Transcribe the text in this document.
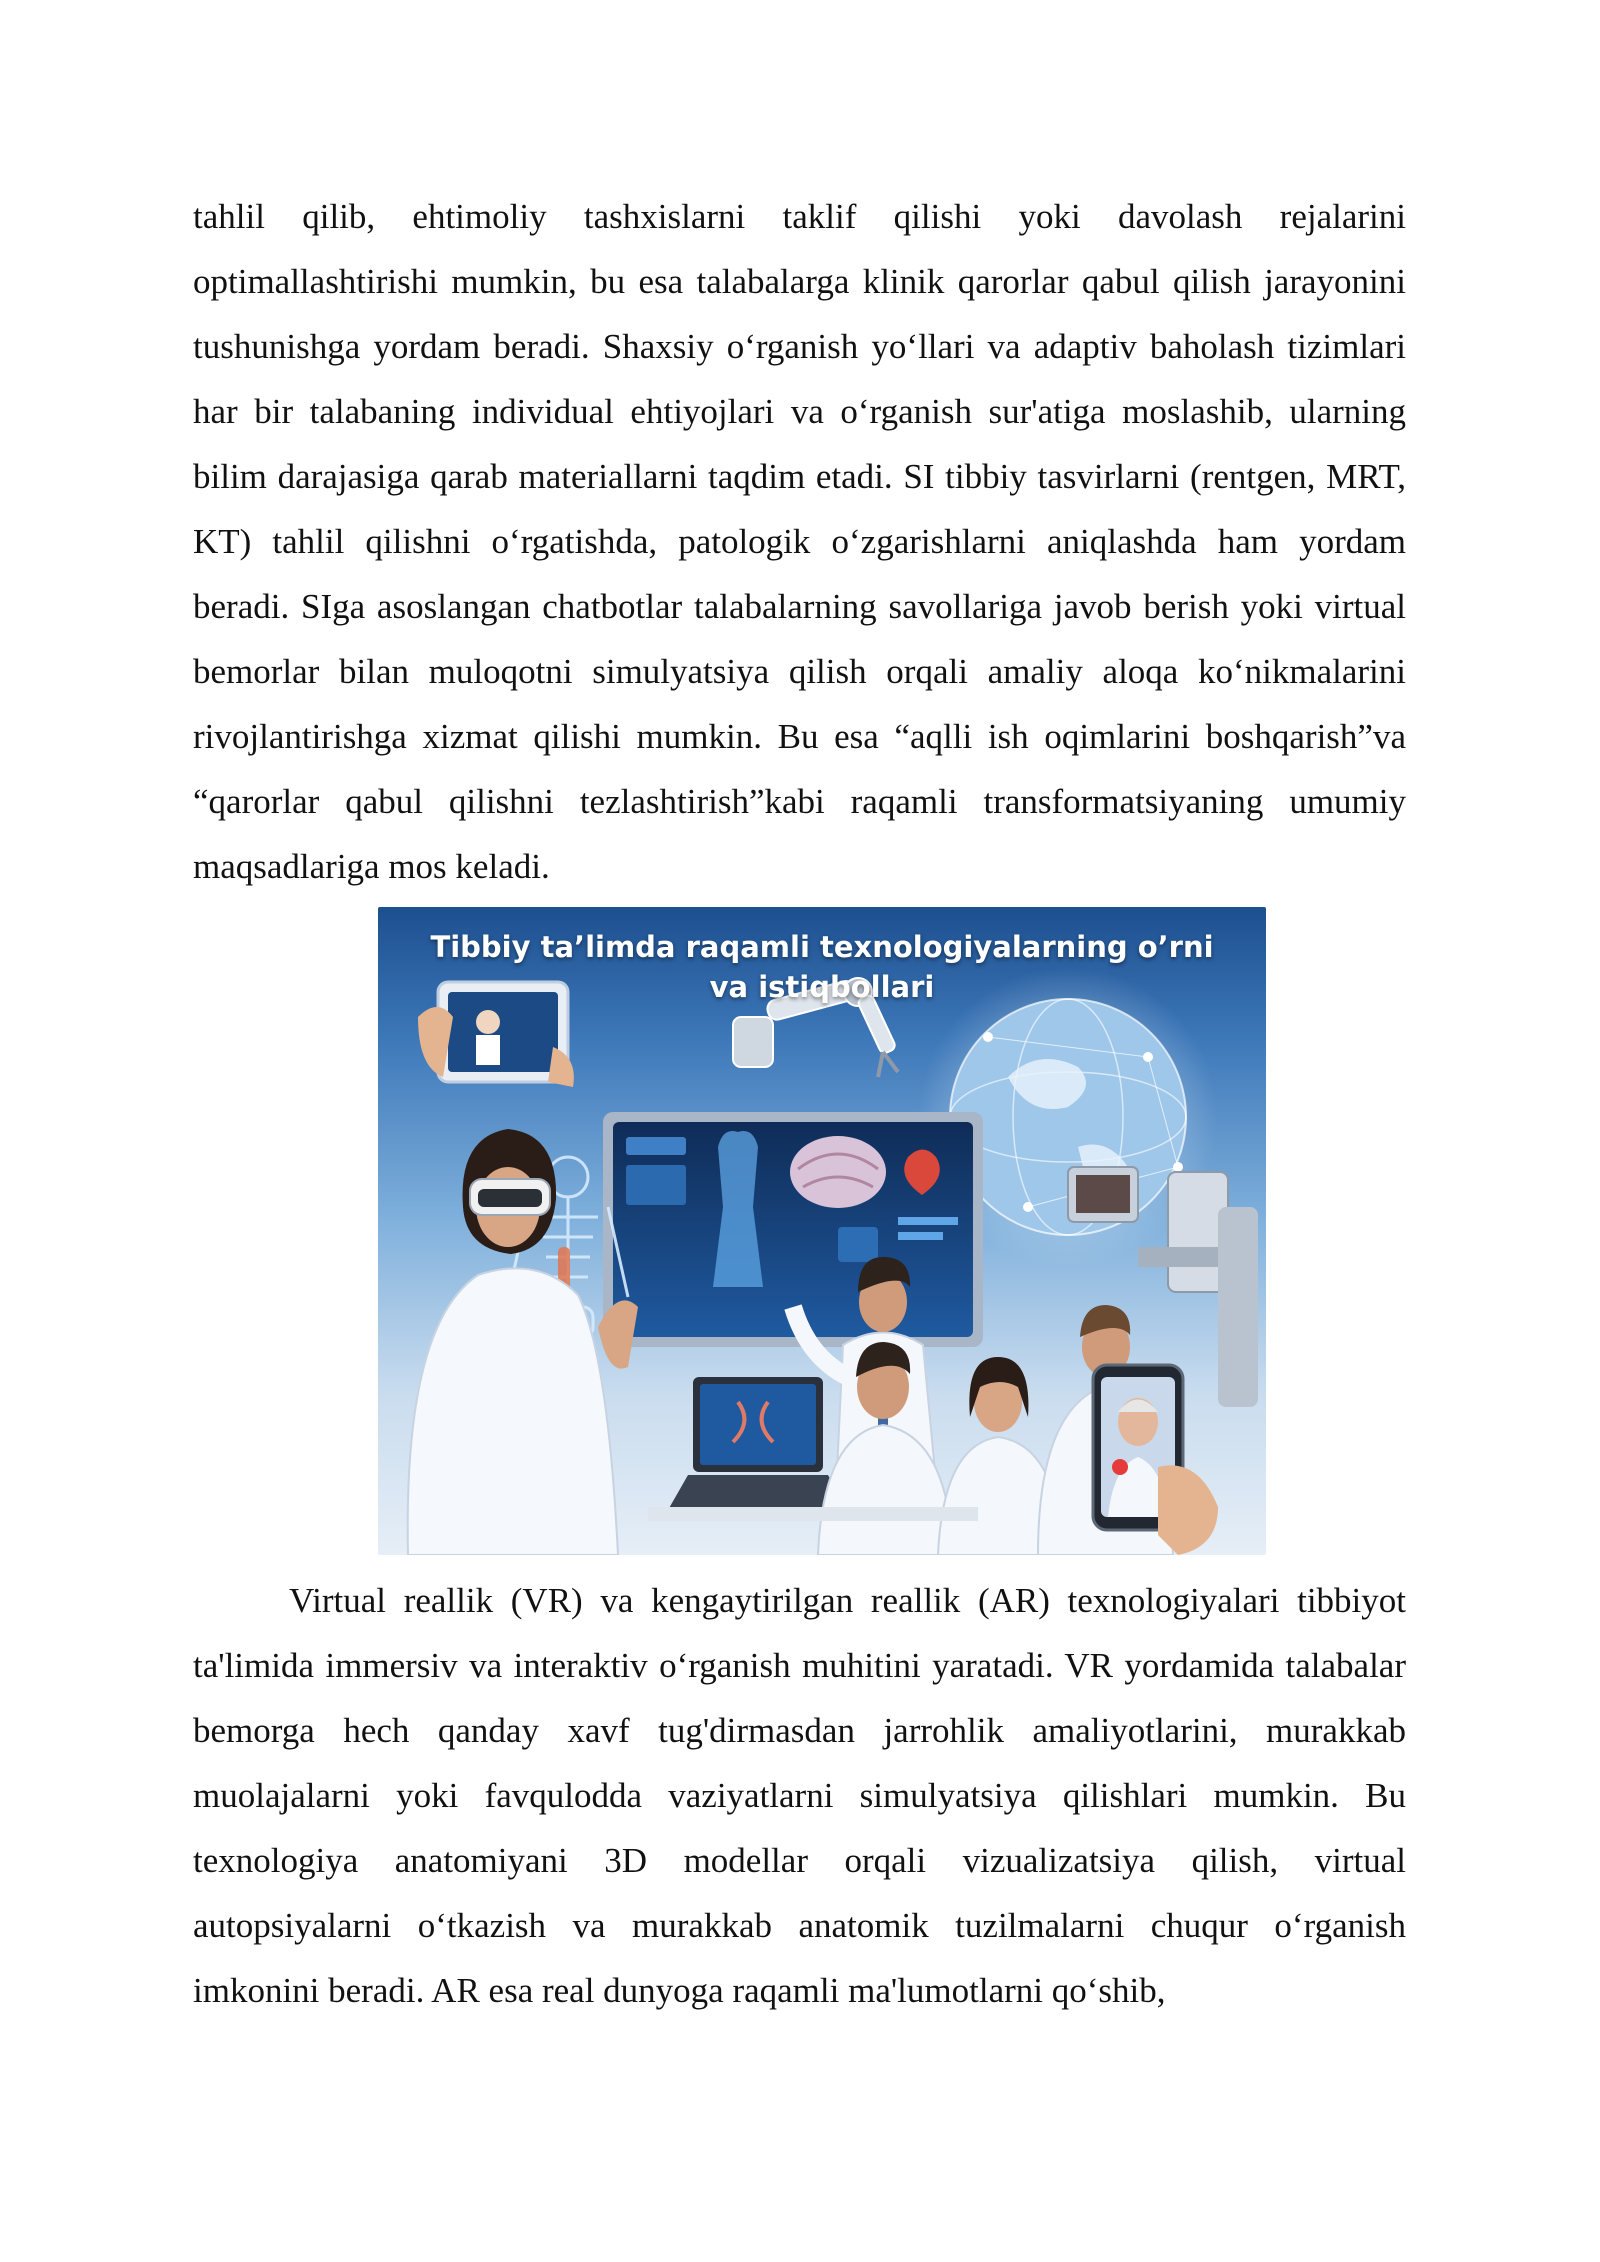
tahlil qilib, ehtimoliy tashxislarni taklif qilishi yoki davolash rejalarini optimallashtirishi mumkin, bu esa talabalarga klinik qarorlar qabul qilish jarayonini tushunishga yordam beradi. Shaxsiy o‘rganish yo‘llari va adaptiv baholash tizimlari har bir talabaning individual ehtiyojlari va o‘rganish sur'atiga moslashib, ularning bilim darajasiga qarab materiallarni taqdim etadi. SI tibbiy tasvirlarni (rentgen, MRT, KT) tahlil qilishni o‘rgatishda, patologik o‘zgarishlarni aniqlashda ham yordam beradi. SIga asoslangan chatbotlar talabalarning savollariga javob berish yoki virtual bemorlar bilan muloqotni simulyatsiya qilish orqali amaliy aloqa ko‘nikmalarini rivojlantirishga xizmat qilishi mumkin. Bu esa “aqlli ish oqimlarini boshqarish”va “qarorlar qabul qilishni tezlashtirish”kabi raqamli transformatsiyaning umumiy maqsadlariga mos keladi.

Tibbiy ta’limda raqamli texnologiyalarning o’rni
va istiqbollari

Virtual reallik (VR) va kengaytirilgan reallik (AR) texnologiyalari tibbiyot ta'limida immersiv va interaktiv o‘rganish muhitini yaratadi. VR yordamida talabalar bemorga hech qanday xavf tug'dirmasdan jarrohlik amaliyotlarini, murakkab muolajalarni yoki favqulodda vaziyatlarni simulyatsiya qilishlari mumkin. Bu texnologiya anatomiyani 3D modellar orqali vizualizatsiya qilish, virtual autopsiyalarni o‘tkazish va murakkab anatomik tuzilmalarni chuqur o‘rganish imkonini beradi. AR esa real dunyoga raqamli ma'lumotlarni qo‘shib,
